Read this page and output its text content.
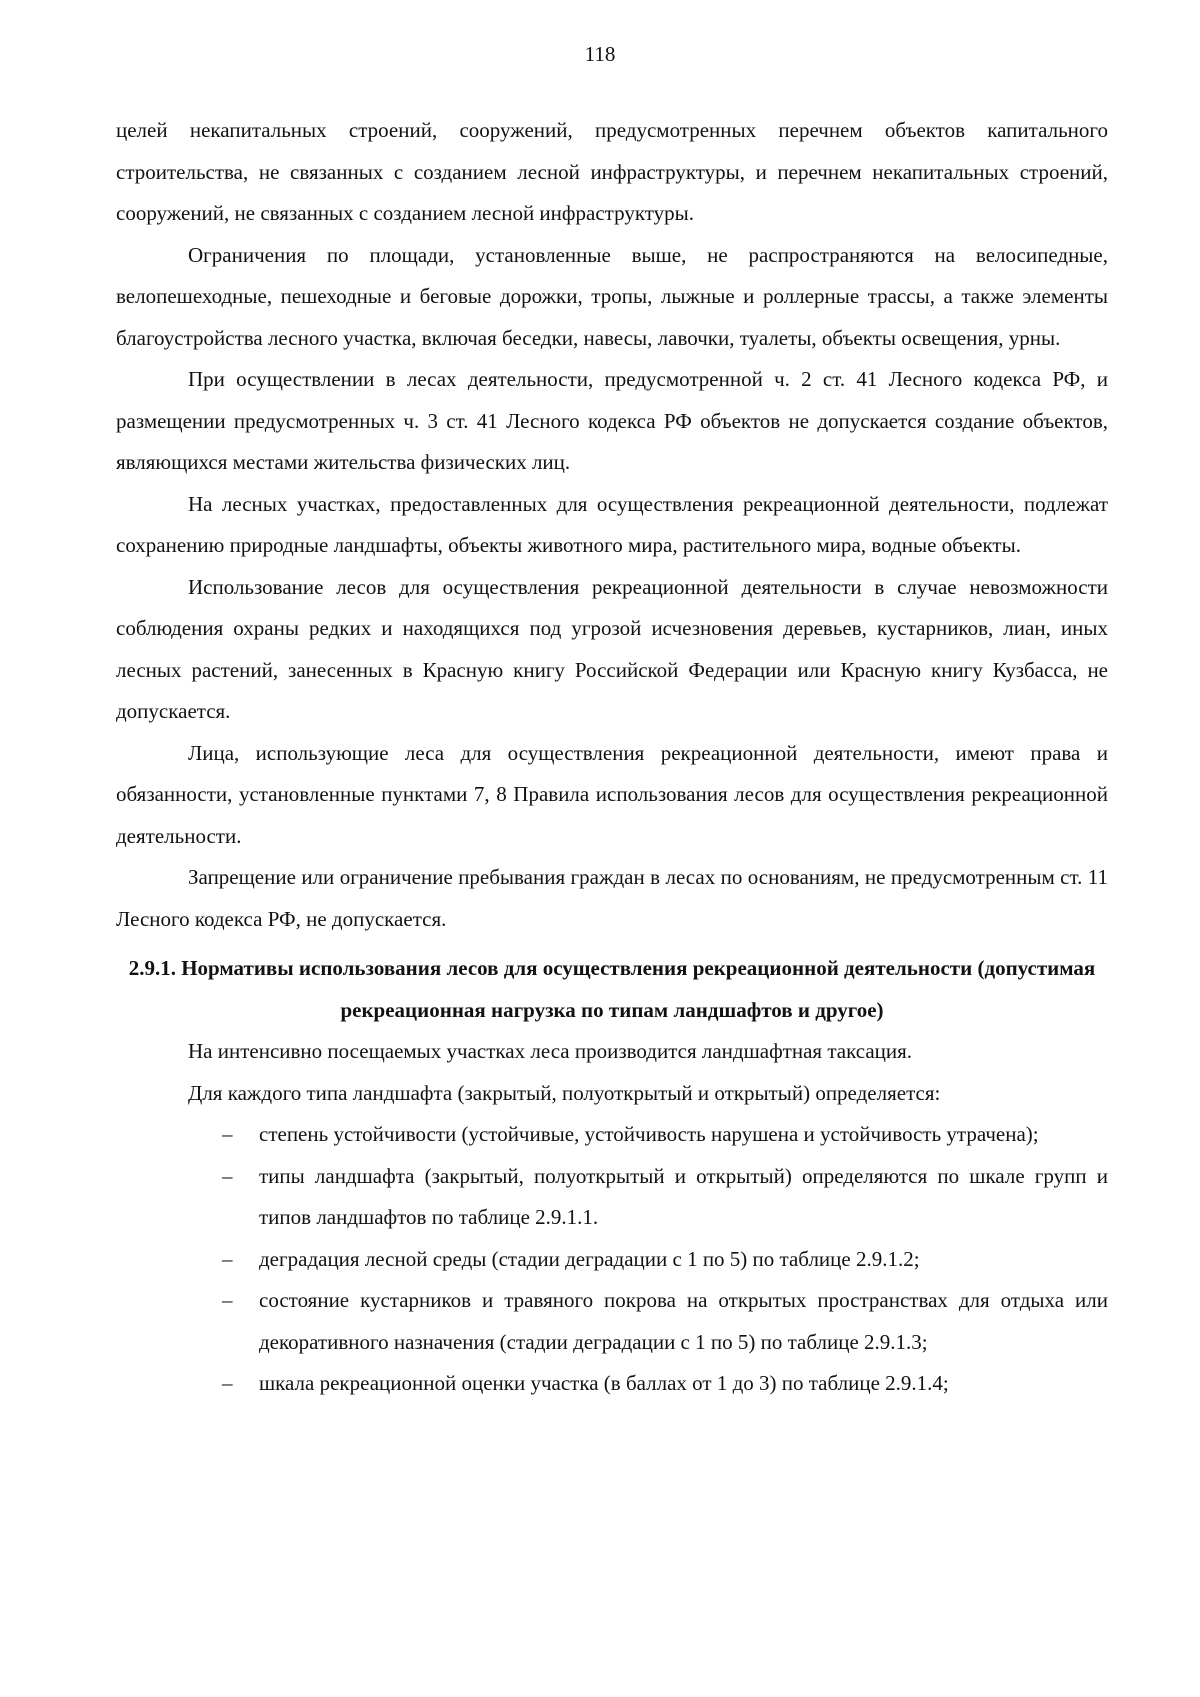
118

целей некапитальных строений, сооружений, предусмотренных перечнем объектов капитального строительства, не связанных с созданием лесной инфраструктуры, и перечнем некапитальных строений, сооружений, не связанных с созданием лесной инфраструктуры.

Ограничения по площади, установленные выше, не распространяются на велосипедные, велопешеходные, пешеходные и беговые дорожки, тропы, лыжные и роллерные трассы, а также элементы благоустройства лесного участка, включая беседки, навесы, лавочки, туалеты, объекты освещения, урны.

При осуществлении в лесах деятельности, предусмотренной ч. 2 ст. 41 Лесного кодекса РФ, и размещении предусмотренных ч. 3 ст. 41 Лесного кодекса РФ объектов не допускается создание объектов, являющихся местами жительства физических лиц.

На лесных участках, предоставленных для осуществления рекреационной деятельности, подлежат сохранению природные ландшафты, объекты животного мира, растительного мира, водные объекты.

Использование лесов для осуществления рекреационной деятельности в случае невозможности соблюдения охраны редких и находящихся под угрозой исчезновения деревьев, кустарников, лиан, иных лесных растений, занесенных в Красную книгу Российской Федерации или Красную книгу Кузбасса, не допускается.

Лица, использующие леса для осуществления рекреационной деятельности, имеют права и обязанности, установленные пунктами 7, 8 Правила использования лесов для осуществления рекреационной деятельности.

Запрещение или ограничение пребывания граждан в лесах по основаниям, не предусмотренным ст. 11 Лесного кодекса РФ, не допускается.

2.9.1. Нормативы использования лесов для осуществления рекреационной деятельности (допустимая рекреационная нагрузка по типам ландшафтов и другое)

На интенсивно посещаемых участках леса производится ландшафтная таксация.

Для каждого типа ландшафта (закрытый, полуоткрытый и открытый) определяется:

– степень устойчивости (устойчивые, устойчивость нарушена и устойчивость утрачена);
– типы ландшафта (закрытый, полуоткрытый и открытый) определяются по шкале групп и типов ландшафтов по таблице 2.9.1.1.
– деградация лесной среды (стадии деградации с 1 по 5) по таблице 2.9.1.2;
– состояние кустарников и травяного покрова на открытых пространствах для отдыха или декоративного назначения (стадии деградации с 1 по 5) по таблице 2.9.1.3;
– шкала рекреационной оценки участка (в баллах от 1 до 3) по таблице 2.9.1.4;
